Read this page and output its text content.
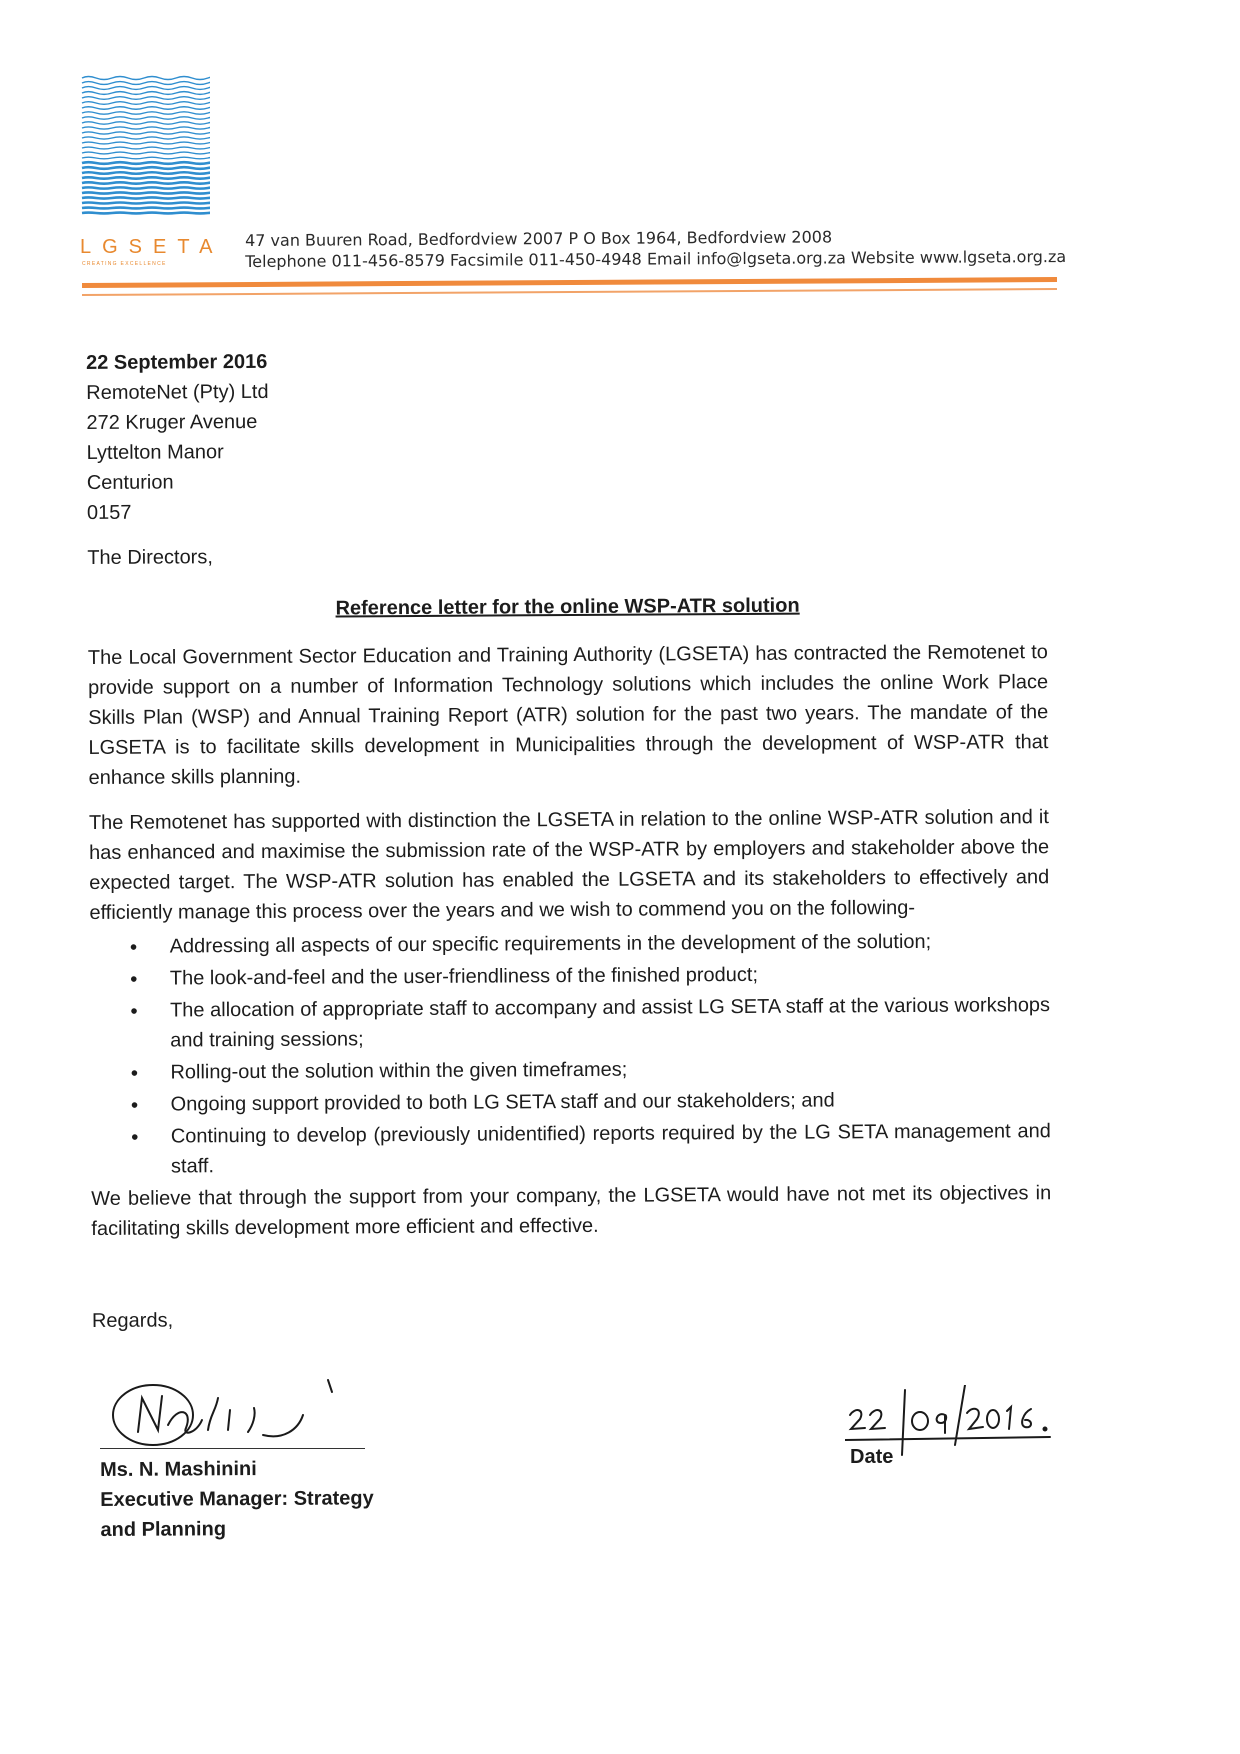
LGSETA
CREATING EXCELLENCE
47 van Buuren Road, Bedfordview 2007 P O Box 1964, Bedfordview 2008
Telephone 011-456-8579 Facsimile 011-450-4948 Email info@lgseta.org.za Website www.lgseta.org.za
22 September 2016
RemoteNet (Pty) Ltd
272 Kruger Avenue
Lyttelton Manor
Centurion
0157
The Directors,
Reference letter for the online WSP-ATR solution
The Local Government Sector Education and Training Authority (LGSETA) has contracted the Remotenet to provide support on a number of Information Technology solutions which includes the online Work Place Skills Plan (WSP) and Annual Training Report (ATR) solution for the past two years. The mandate of the LGSETA is to facilitate skills development in Municipalities through the development of WSP-ATR that enhance skills planning.
The Remotenet has supported with distinction the LGSETA in relation to the online WSP-ATR solution and it has enhanced and maximise the submission rate of the WSP-ATR by employers and stakeholder above the expected target. The WSP-ATR solution has enabled the LGSETA and its stakeholders to effectively and efficiently manage this process over the years and we wish to commend you on the following-
● Addressing all aspects of our specific requirements in the development of the solution;
● The look-and-feel and the user-friendliness of the finished product;
● The allocation of appropriate staff to accompany and assist LG SETA staff at the various workshops and training sessions;
● Rolling-out the solution within the given timeframes;
● Ongoing support provided to both LG SETA staff and our stakeholders; and
● Continuing to develop (previously unidentified) reports required by the LG SETA management and staff.
We believe that through the support from your company, the LGSETA would have not met its objectives in facilitating skills development more efficient and effective.
Regards,
Ms. N. Mashinini
Executive Manager: Strategy
and Planning
Date
